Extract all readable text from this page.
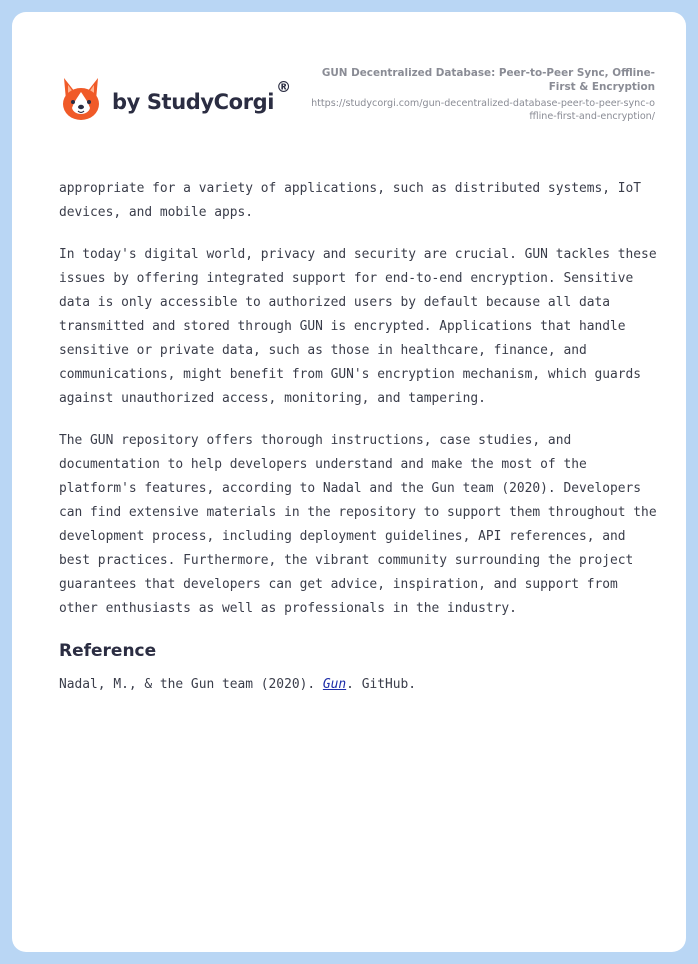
by StudyCorgi
®
GUN Decentralized Database: Peer-to-Peer Sync, Offline-First & Encryption
https://studycorgi.com/gun-decentralized-database-peer-to-peer-sync-offline-first-and-encryption/

appropriate for a variety of applications, such as distributed systems, IoT devices, and mobile apps.

In today's digital world, privacy and security are crucial. GUN tackles these issues by offering integrated support for end-to-end encryption. Sensitive data is only accessible to authorized users by default because all data transmitted and stored through GUN is encrypted. Applications that handle sensitive or private data, such as those in healthcare, finance, and communications, might benefit from GUN's encryption mechanism, which guards against unauthorized access, monitoring, and tampering.

The GUN repository offers thorough instructions, case studies, and documentation to help developers understand and make the most of the platform's features, according to Nadal and the Gun team (2020). Developers can find extensive materials in the repository to support them throughout the development process, including deployment guidelines, API references, and best practices. Furthermore, the vibrant community surrounding the project guarantees that developers can get advice, inspiration, and support from other enthusiasts as well as professionals in the industry.

Reference

Nadal, M., & the Gun team (2020). Gun. GitHub.
